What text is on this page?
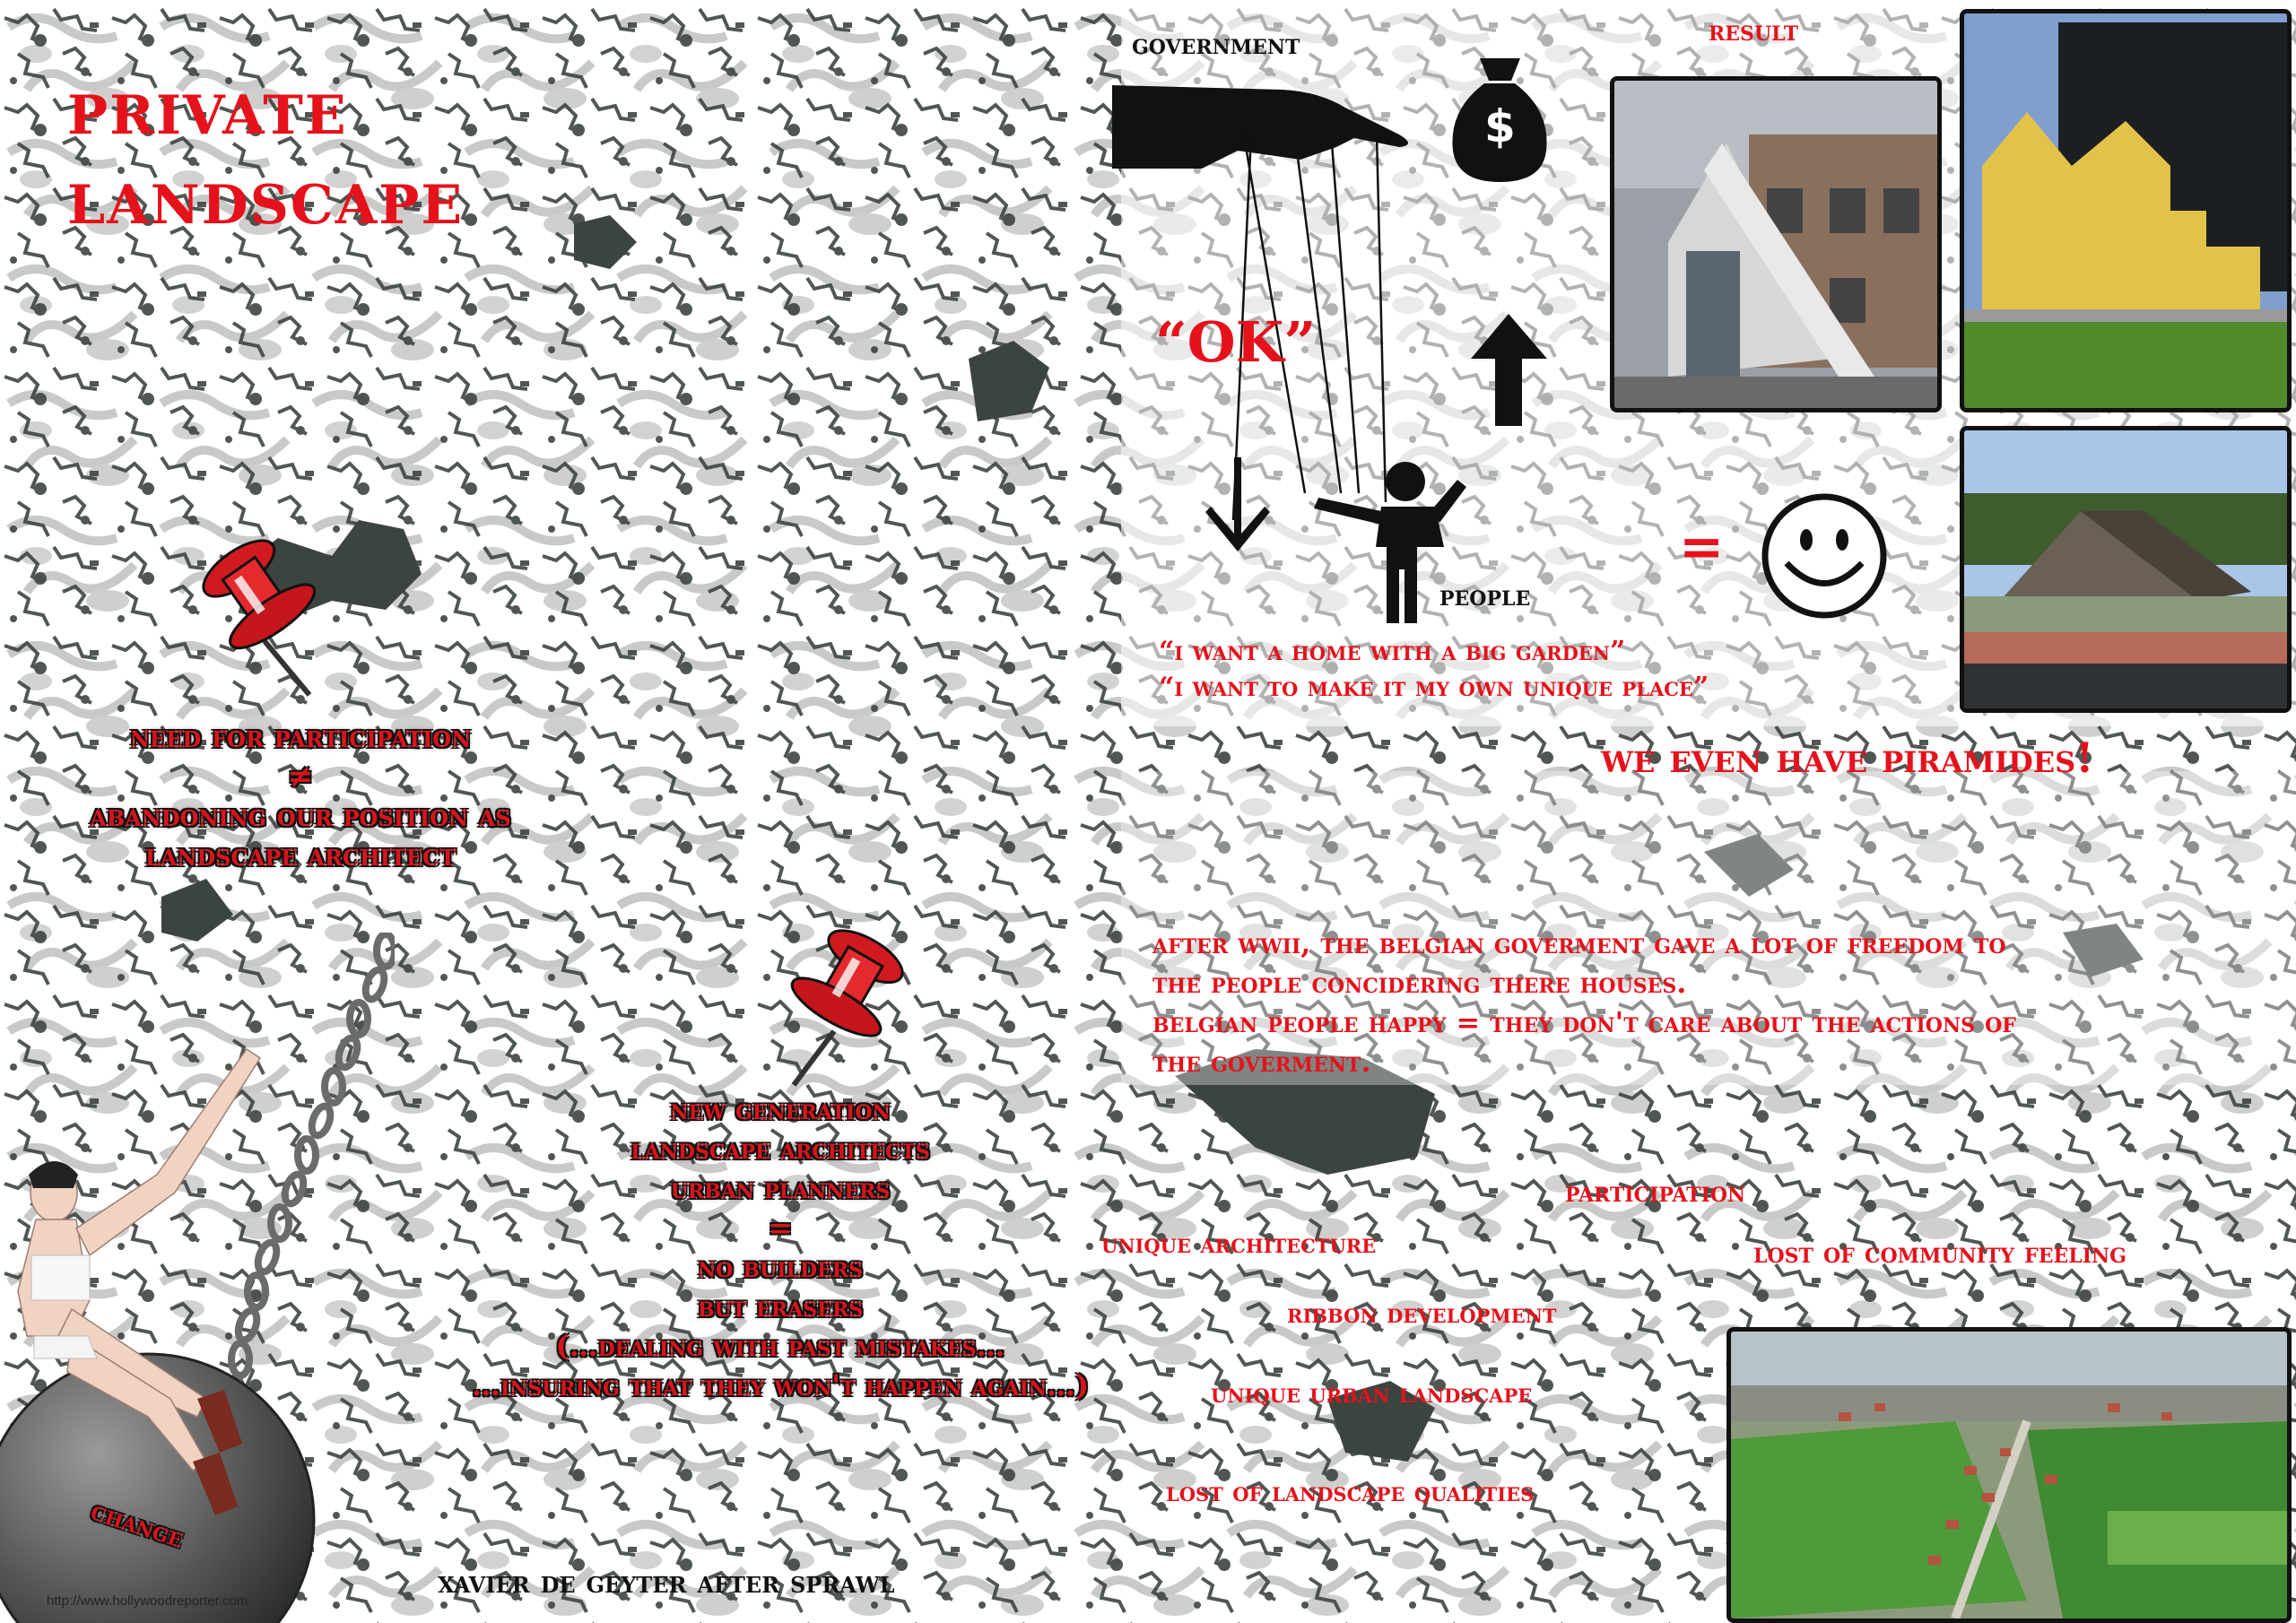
private
landscape
need for participation
≠
abandoning our position as
landscape architect
new generation
landscape architects
urban planners
=
no builders
but erasers
(…dealing with past mistakes…
…insuring that they won't happen again…)
change
http://www.hollywoodreporter.com
xavier de geyter after sprawl
government
$
“OK”
people
=
“i want a home with a big garden”
“i want to make it my own unique place”
result
we even have piramides!
after wwii, the belgian goverment gave a lot of freedom to
the people concidering there houses.
belgian people happy = they don't care about the actions of
the goverment.
participation
unique architecture	lost of community feeling
ribbon development
unique urban landscape
lost of landscape qualities
